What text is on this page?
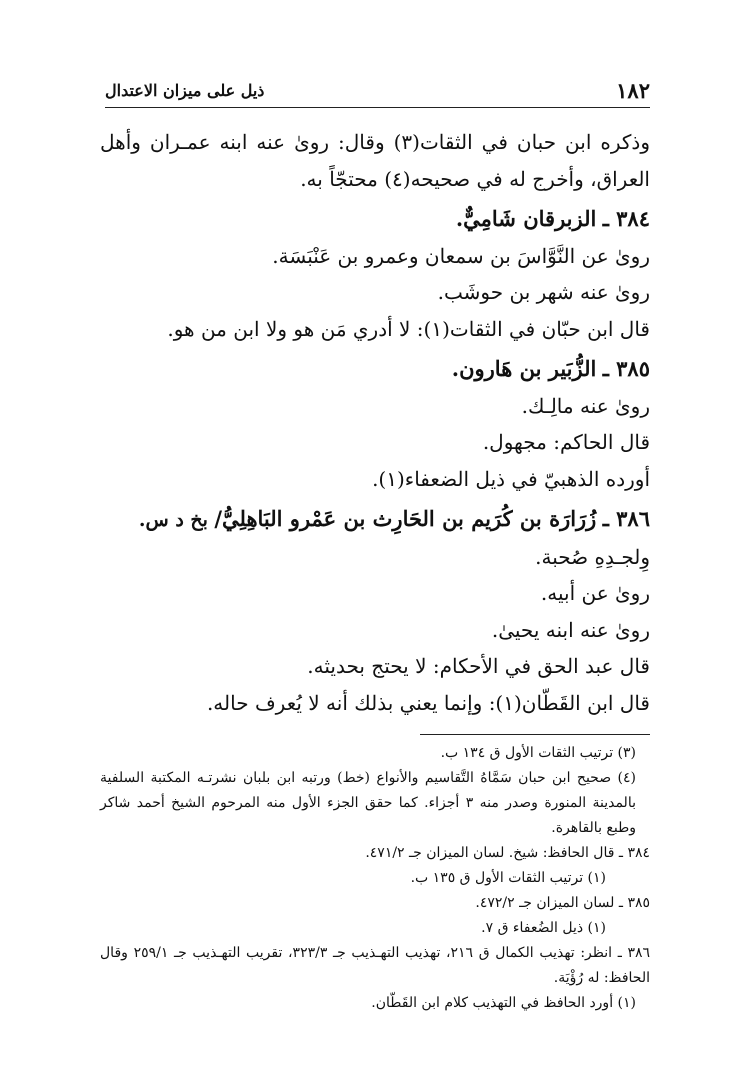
١٨٢
ذيل على ميزان الاعتدال

وذكره ابن حبان في الثقات(٣) وقال: روىٰ عنه ابنه عمـران وأهل العراق، وأخرج له في صحيحه(٤) محتجّاً به.

٣٨٤ ـ الزبرقان شَامِيٌّ.

روىٰ عن النَّوَّاسَ بن سمعان وعمرو بن عَنْبَسَة.

روىٰ عنه شهر بن حوشَب.

قال ابن حبّان في الثقات(١): لا أدري مَن هو ولا ابن من هو.

٣٨٥ ـ الزُّبَير بن هَارون.

روىٰ عنه مالِـك.

قال الحاكم: مجهول.

أورده الذهبيّ في ذيل الضعفاء(١).

٣٨٦ ـ زُرَارَة بن كُرَيم بن الحَارِث بن عَمْرو البَاهِلِيُّ/ بخ د س.

وِلجـدِهِ صُحبة.

روىٰ عن أبيه.

روىٰ عنه ابنه يحيىٰ.

قال عبد الحق في الأحكام: لا يحتج بحديثه.

قال ابن القَطّان(١): وإنما يعني بذلك أنه لا يُعرف حاله.

(٣) ترتيب الثقات الأول ق ١٣٤ ب.

(٤) صحيح ابن حبان سَمَّاهُ التَّقاسيم والأنواع (خط) ورتبه ابن بلبان نشرتـه المكتبة السلفية بالمدينة المنورة وصدر منه ٣ أجزاء. كما حقق الجزء الأول منه المرحوم الشيخ أحمد شاكر وطبع بالقاهرة.

٣٨٤ ـ قال الحافظ: شيخ. لسان الميزان جـ ٤٧١/٢.

(١) ترتيب الثقات الأول ق ١٣٥ ب.

٣٨٥ ـ لسان الميزان جـ ٤٧٢/٢.

(١) ذيل الضُعفاء ق ٧.

٣٨٦ ـ انظر: تهذيب الكمال ق ٢١٦، تهذيب التهـذيب جـ ٣٢٣/٣، تقريب التهـذيب جـ ٢٥٩/١ وقال الحافظ: له رُؤْيَة.

(١) أورد الحافظ في التهذيب كلام ابن القَطّان.
